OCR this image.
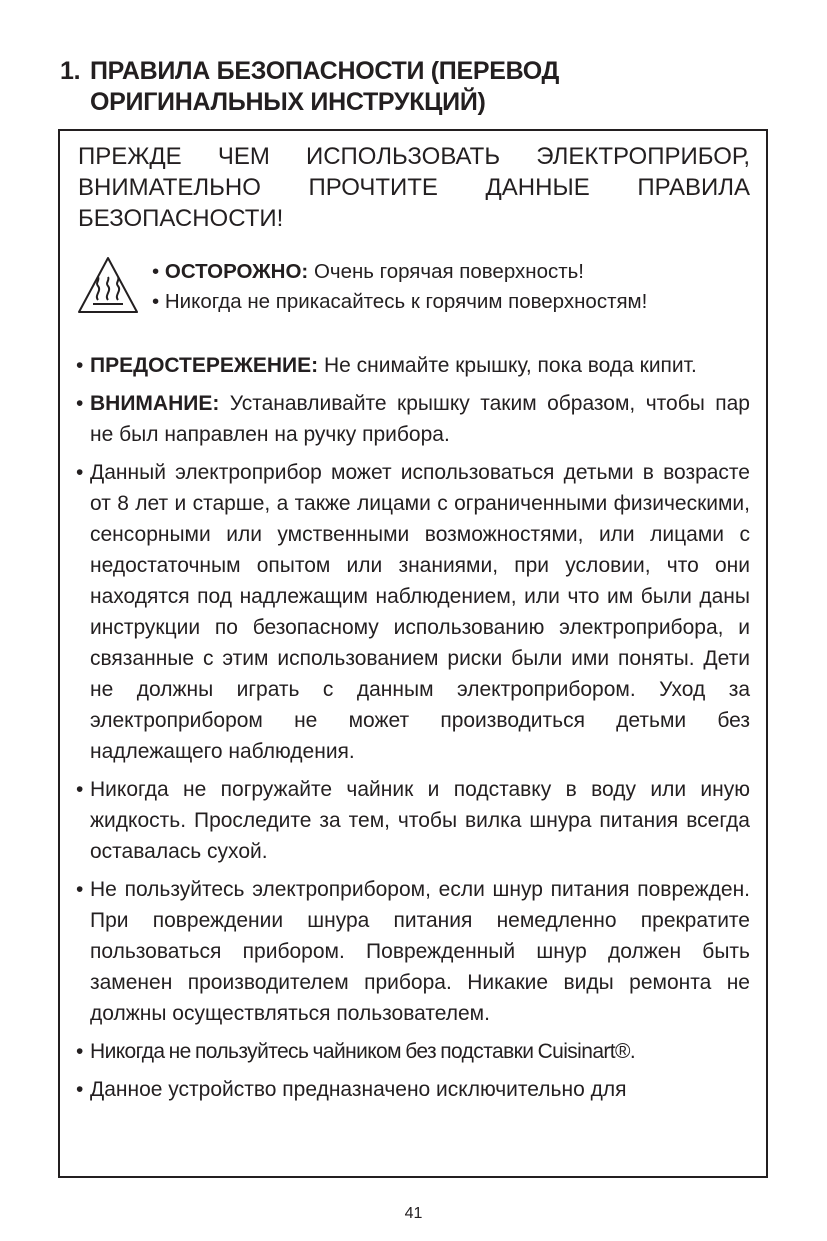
1. ПРАВИЛА БЕЗОПАСНОСТИ (ПЕРЕВОД
ОРИГИНАЛЬНЫХ ИНСТРУКЦИЙ)
ПРЕЖДЕ ЧЕМ ИСПОЛЬЗОВАТЬ ЭЛЕКТРОПРИБОР,
ВНИМАТЕЛЬНО ПРОЧТИТЕ ДАННЫЕ ПРАВИЛА
БЕЗОПАСНОСТИ!
• ОСТОРОЖНО: Очень горячая поверхность!
• Никогда не прикасайтесь к горячим поверхностям!
• ПРЕДОСТЕРЕЖЕНИЕ: Не снимайте крышку, пока вода кипит.
• ВНИМАНИЕ: Устанавливайте крышку таким образом, чтобы пар не был направлен на ручку прибора.
• Данный электроприбор может использоваться детьми в возрасте от 8 лет и старше, а также лицами с ограниченными физическими, сенсорными или умственными возможностями, или лицами с недостаточным опытом или знаниями, при условии, что они находятся под надлежащим наблюдением, или что им были даны инструкции по безопасному использованию электроприбора, и связанные с этим использованием риски были ими поняты. Дети не должны играть с данным электроприбором. Уход за электроприбором не может производиться детьми без надлежащего наблюдения.
• Никогда не погружайте чайник и подставку в воду или иную жидкость. Проследите за тем, чтобы вилка шнура питания всегда оставалась сухой.
• Не пользуйтесь электроприбором, если шнур питания поврежден. При повреждении шнура питания немедленно прекратите пользоваться прибором. Поврежденный шнур должен быть заменен производителем прибора. Никакие виды ремонта не должны осуществляться пользователем.
• Никогда не пользуйтесь чайником без подставки Cuisinart®.
• Данное устройство предназначено исключительно для
41
